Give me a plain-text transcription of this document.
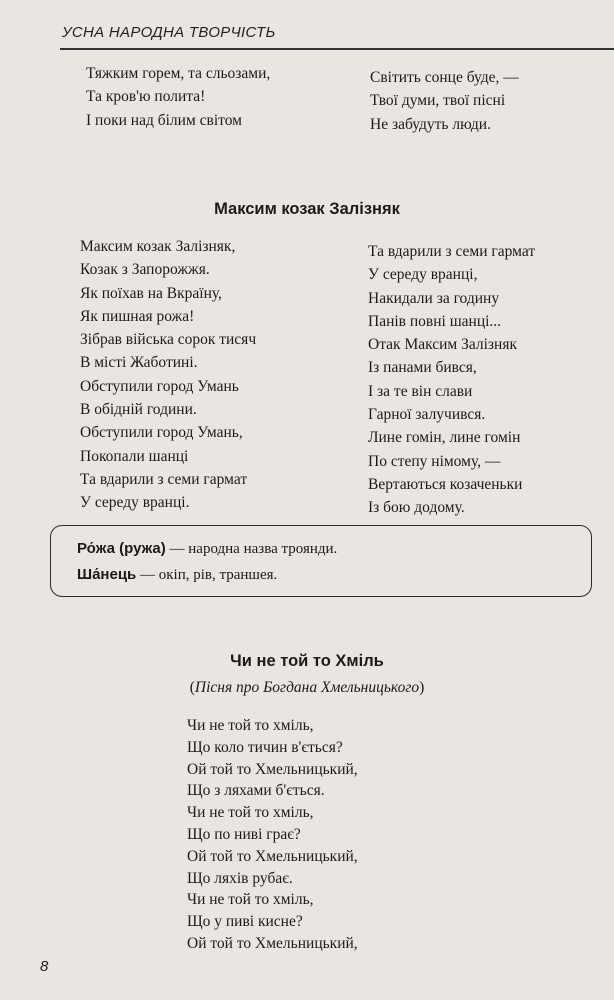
УСНА НАРОДНА ТВОРЧІСТЬ
Тяжким горем, та сльозами,
Та кров'ю полита!
І поки над білим світом
Світить сонце буде, —
Твої думи, твої пісні
Не забудуть люди.
Максим козак Залізняк
Максим козак Залізняк,
Козак з Запорожжя.
Як поїхав на Вкраїну,
Як пишная рожа!
Зібрав війська сорок тисяч
В місті Жаботині.
Обступили город Умань
В обідній години.
Обступили город Умань,
Покопали шанці
Та вдарили з семи гармат
У середу вранці.
Та вдарили з семи гармат
У середу вранці,
Накидали за годину
Панів повні шанці...
Отак Максим Залізняк
Із панами бився,
І за те він слави
Гарної залучився.
Лине гомін, лине гомін
По степу німому, —
Вертаються козаченьки
Із бою додому.
Ро́жа (ружа) — народна назва троянди.
Ша́нець — окіп, рів, траншея.
Чи не той то Хміль
(Пісня про Богдана Хмельницького)
Чи не той то хміль,
Що коло тичин в'ється?
Ой той то Хмельницький,
Що з ляхами б'ється.
Чи не той то хміль,
Що по ниві грає?
Ой той то Хмельницький,
Що ляхів рубає.
Чи не той то хміль,
Що у пиві кисне?
Ой той то Хмельницький,
8
